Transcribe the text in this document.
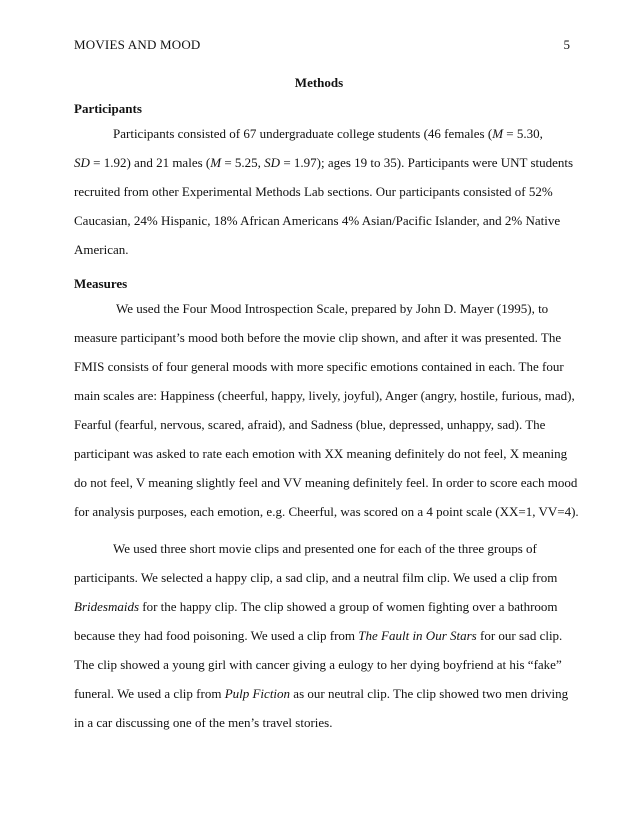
MOVIES AND MOOD	5
Methods
Participants
Participants consisted of 67 undergraduate college students (46 females (M = 5.30,
SD = 1.92) and 21 males (M = 5.25, SD = 1.97); ages 19 to 35). Participants were UNT students
recruited from other Experimental Methods Lab sections. Our participants consisted of 52%
Caucasian, 24% Hispanic, 18% African Americans 4% Asian/Pacific Islander, and 2% Native
American.
Measures
We used the Four Mood Introspection Scale, prepared by John D. Mayer (1995), to
measure participant’s mood both before the movie clip shown, and after it was presented. The
FMIS consists of four general moods with more specific emotions contained in each. The four
main scales are: Happiness (cheerful, happy, lively, joyful), Anger (angry, hostile, furious, mad),
Fearful (fearful, nervous, scared, afraid), and Sadness (blue, depressed, unhappy, sad). The
participant was asked to rate each emotion with XX meaning definitely do not feel, X meaning
do not feel, V meaning slightly feel and VV meaning definitely feel. In order to score each mood
for analysis purposes, each emotion, e.g. Cheerful, was scored on a 4 point scale (XX=1, VV=4).
We used three short movie clips and presented one for each of the three groups of
participants. We selected a happy clip, a sad clip, and a neutral film clip. We used a clip from
Bridesmaids for the happy clip. The clip showed a group of women fighting over a bathroom
because they had food poisoning. We used a clip from The Fault in Our Stars for our sad clip.
The clip showed a young girl with cancer giving a eulogy to her dying boyfriend at his “fake”
funeral. We used a clip from Pulp Fiction as our neutral clip. The clip showed two men driving
in a car discussing one of the men’s travel stories.
